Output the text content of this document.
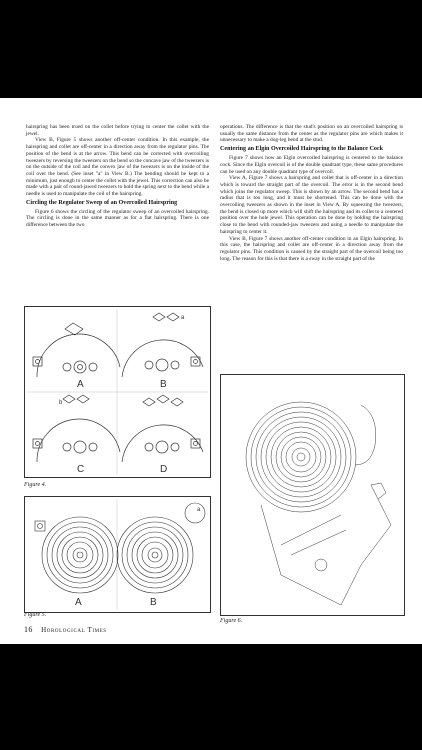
hairspring has been trued on the collet before trying to center the collet with the jewel.

View B, Figure 5 shows another off-center condition. In this example, the hairspring and collet are off-center in a direction away from the regulator pins. The position of the bend is at the arrow. This bend can be corrected with overcoiling tweezers by reversing the tweezers on the bend so the concave jaw of the tweezers is on the outside of the coil and the convex jaw of the tweezers is on the inside of the coil over the bend. (See inset "a" in View B.) The bending should be kept to a minimum, just enough to center the collet with the jewel. This correction can also be made with a pair of round-jawed tweezers to hold the spring next to the bend while a needle is used to manipulate the coil of the hairspring.

Circling the Regulator Sweep of an Overcoiled Hairspring

Figure 6 shows the circling of the regulator sweep of an overcoiled hairspring. The circling is done in the same manner as for a flat hairspring. There is one difference between the two

operations. The difference is that the stud's position on an overcoiled hairspring is usually the same distance from the center as the regulator pins are which makes it unnecessary to make a dog-leg bend at the stud.

Centering an Elgin Overcoiled Hairspring to the Balance Cock

Figure 7 shows how an Elgin overcoiled hairspring is centered to the balance cock. Since the Elgin overcoil is of the double quadrant type, these same procedures can be used on any double quadrant type of overcoil.

View A, Figure 7 shows a hairspring and collet that is off-center in a direction which is toward the straight part of the overcoil. The error is in the second bend which joins the regulator sweep. This is shown by an arrow. The second bend has a radius that is too long, and it must be shortened. This can be done with the overcoiling tweezers as shown in the inset in View A. By squeezing the tweezers, the bend is closed up more which will shift the hairspring and its collet to a centered position over the hole jewel. This operation can be done by holding the hairspring close to the bend with rounded-jaw tweezers and using a needle to manipulate the hairspring to center it.

View B, Figure 7 shows another off-center condition in an Elgin hairspring. In this case, the hairspring and collet are off-center in a direction away from the regulator pins. This condition is caused by the straight part of the overcoil being too long. The reason for this is that there is a sway in the straight part of the

A	B
C	D
b
a
Figure 4.
A	B
a
Figure 5.
Figure 6.
16 Horological Times
